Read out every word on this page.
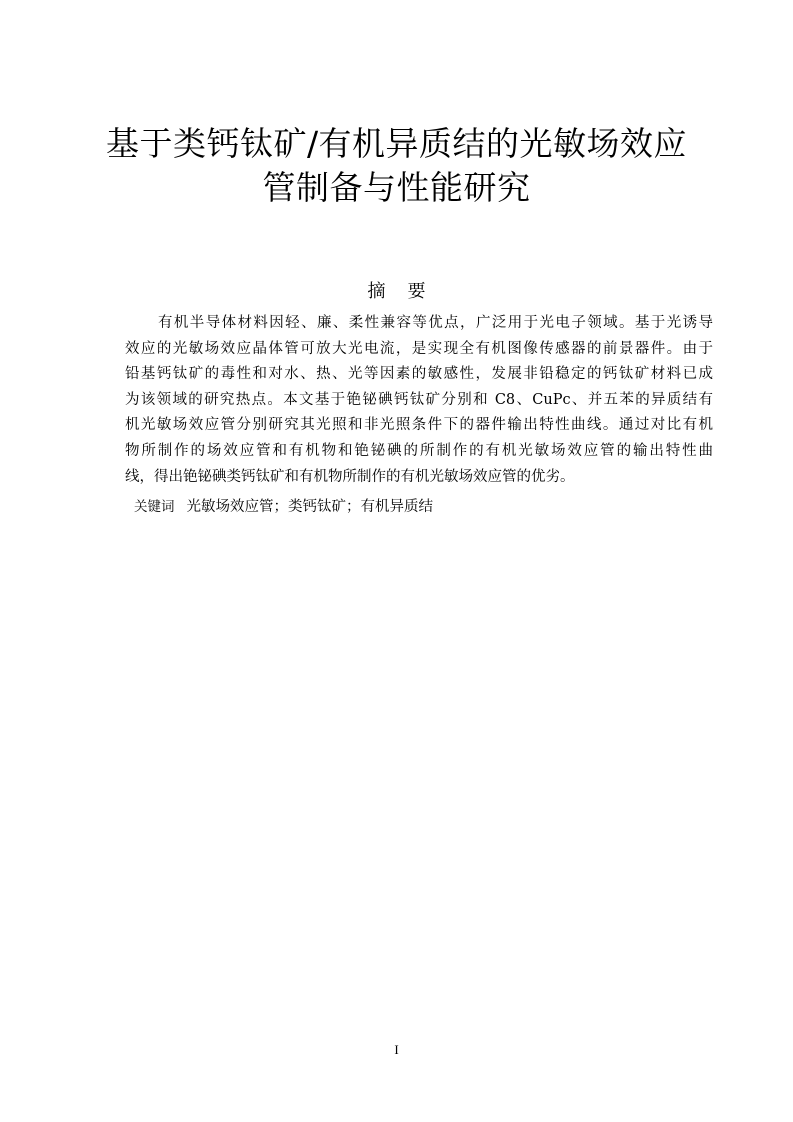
基于类钙钛矿/有机异质结的光敏场效应
管制备与性能研究
摘要
有机半导体材料因轻、廉、柔性兼容等优点，广泛用于光电子领域。基于光诱导
效应的光敏场效应晶体管可放大光电流，是实现全有机图像传感器的前景器件。由于
铅基钙钛矿的毒性和对水、热、光等因素的敏感性，发展非铅稳定的钙钛矿材料已成
为该领域的研究热点。本文基于铯铋碘钙钛矿分别和 C8、CuPc、并五苯的异质结有
机光敏场效应管分别研究其光照和非光照条件下的器件输出特性曲线。通过对比有机
物所制作的场效应管和有机物和铯铋碘的所制作的有机光敏场效应管的输出特性曲
线，得出铯铋碘类钙钛矿和有机物所制作的有机光敏场效应管的优劣。
关键词 光敏场效应管；类钙钛矿；有机异质结
I
